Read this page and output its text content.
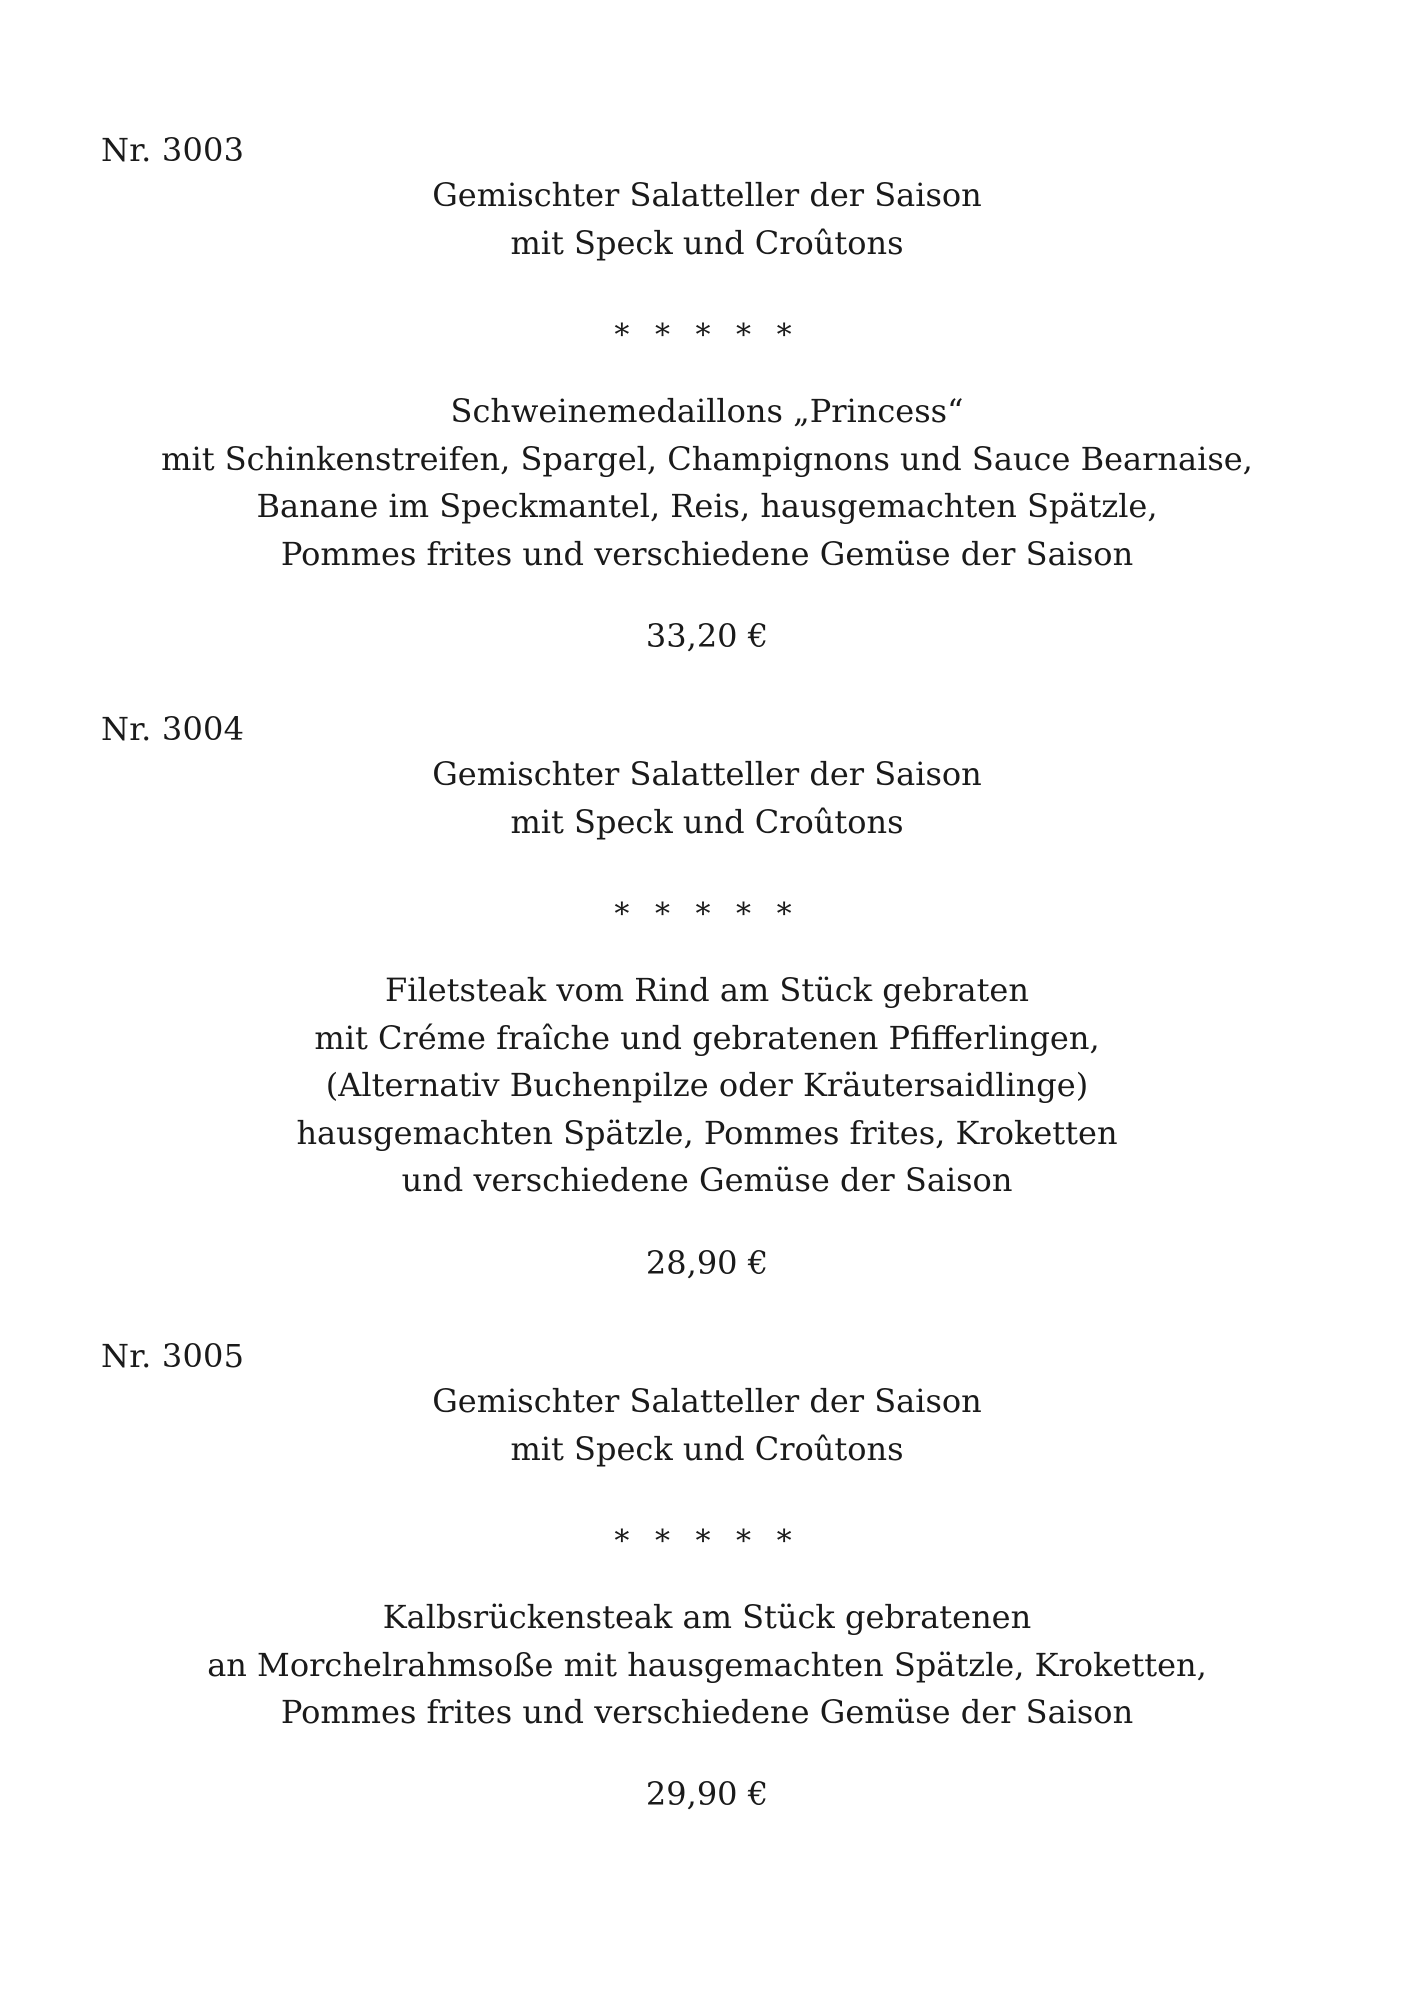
Nr. 3003
Gemischter Salatteller der Saison
mit Speck und Croûtons
* * * * *
Schweinemedaillons „Princess“
mit Schinkenstreifen, Spargel, Champignons und Sauce Bearnaise,
Banane im Speckmantel, Reis, hausgemachten Spätzle,
Pommes frites und verschiedene Gemüse der Saison
33,20 €
Nr. 3004
Gemischter Salatteller der Saison
mit Speck und Croûtons
* * * * *
Filetsteak vom Rind am Stück gebraten
mit Créme fraîche und gebratenen Pfifferlingen,
(Alternativ Buchenpilze oder Kräutersaidlinge)
hausgemachten Spätzle, Pommes frites, Kroketten
und verschiedene Gemüse der Saison
28,90 €
Nr. 3005
Gemischter Salatteller der Saison
mit Speck und Croûtons
* * * * *
Kalbsrückensteak am Stück gebratenen
an Morchelrahmsoße mit hausgemachten Spätzle, Kroketten,
Pommes frites und verschiedene Gemüse der Saison
29,90 €
